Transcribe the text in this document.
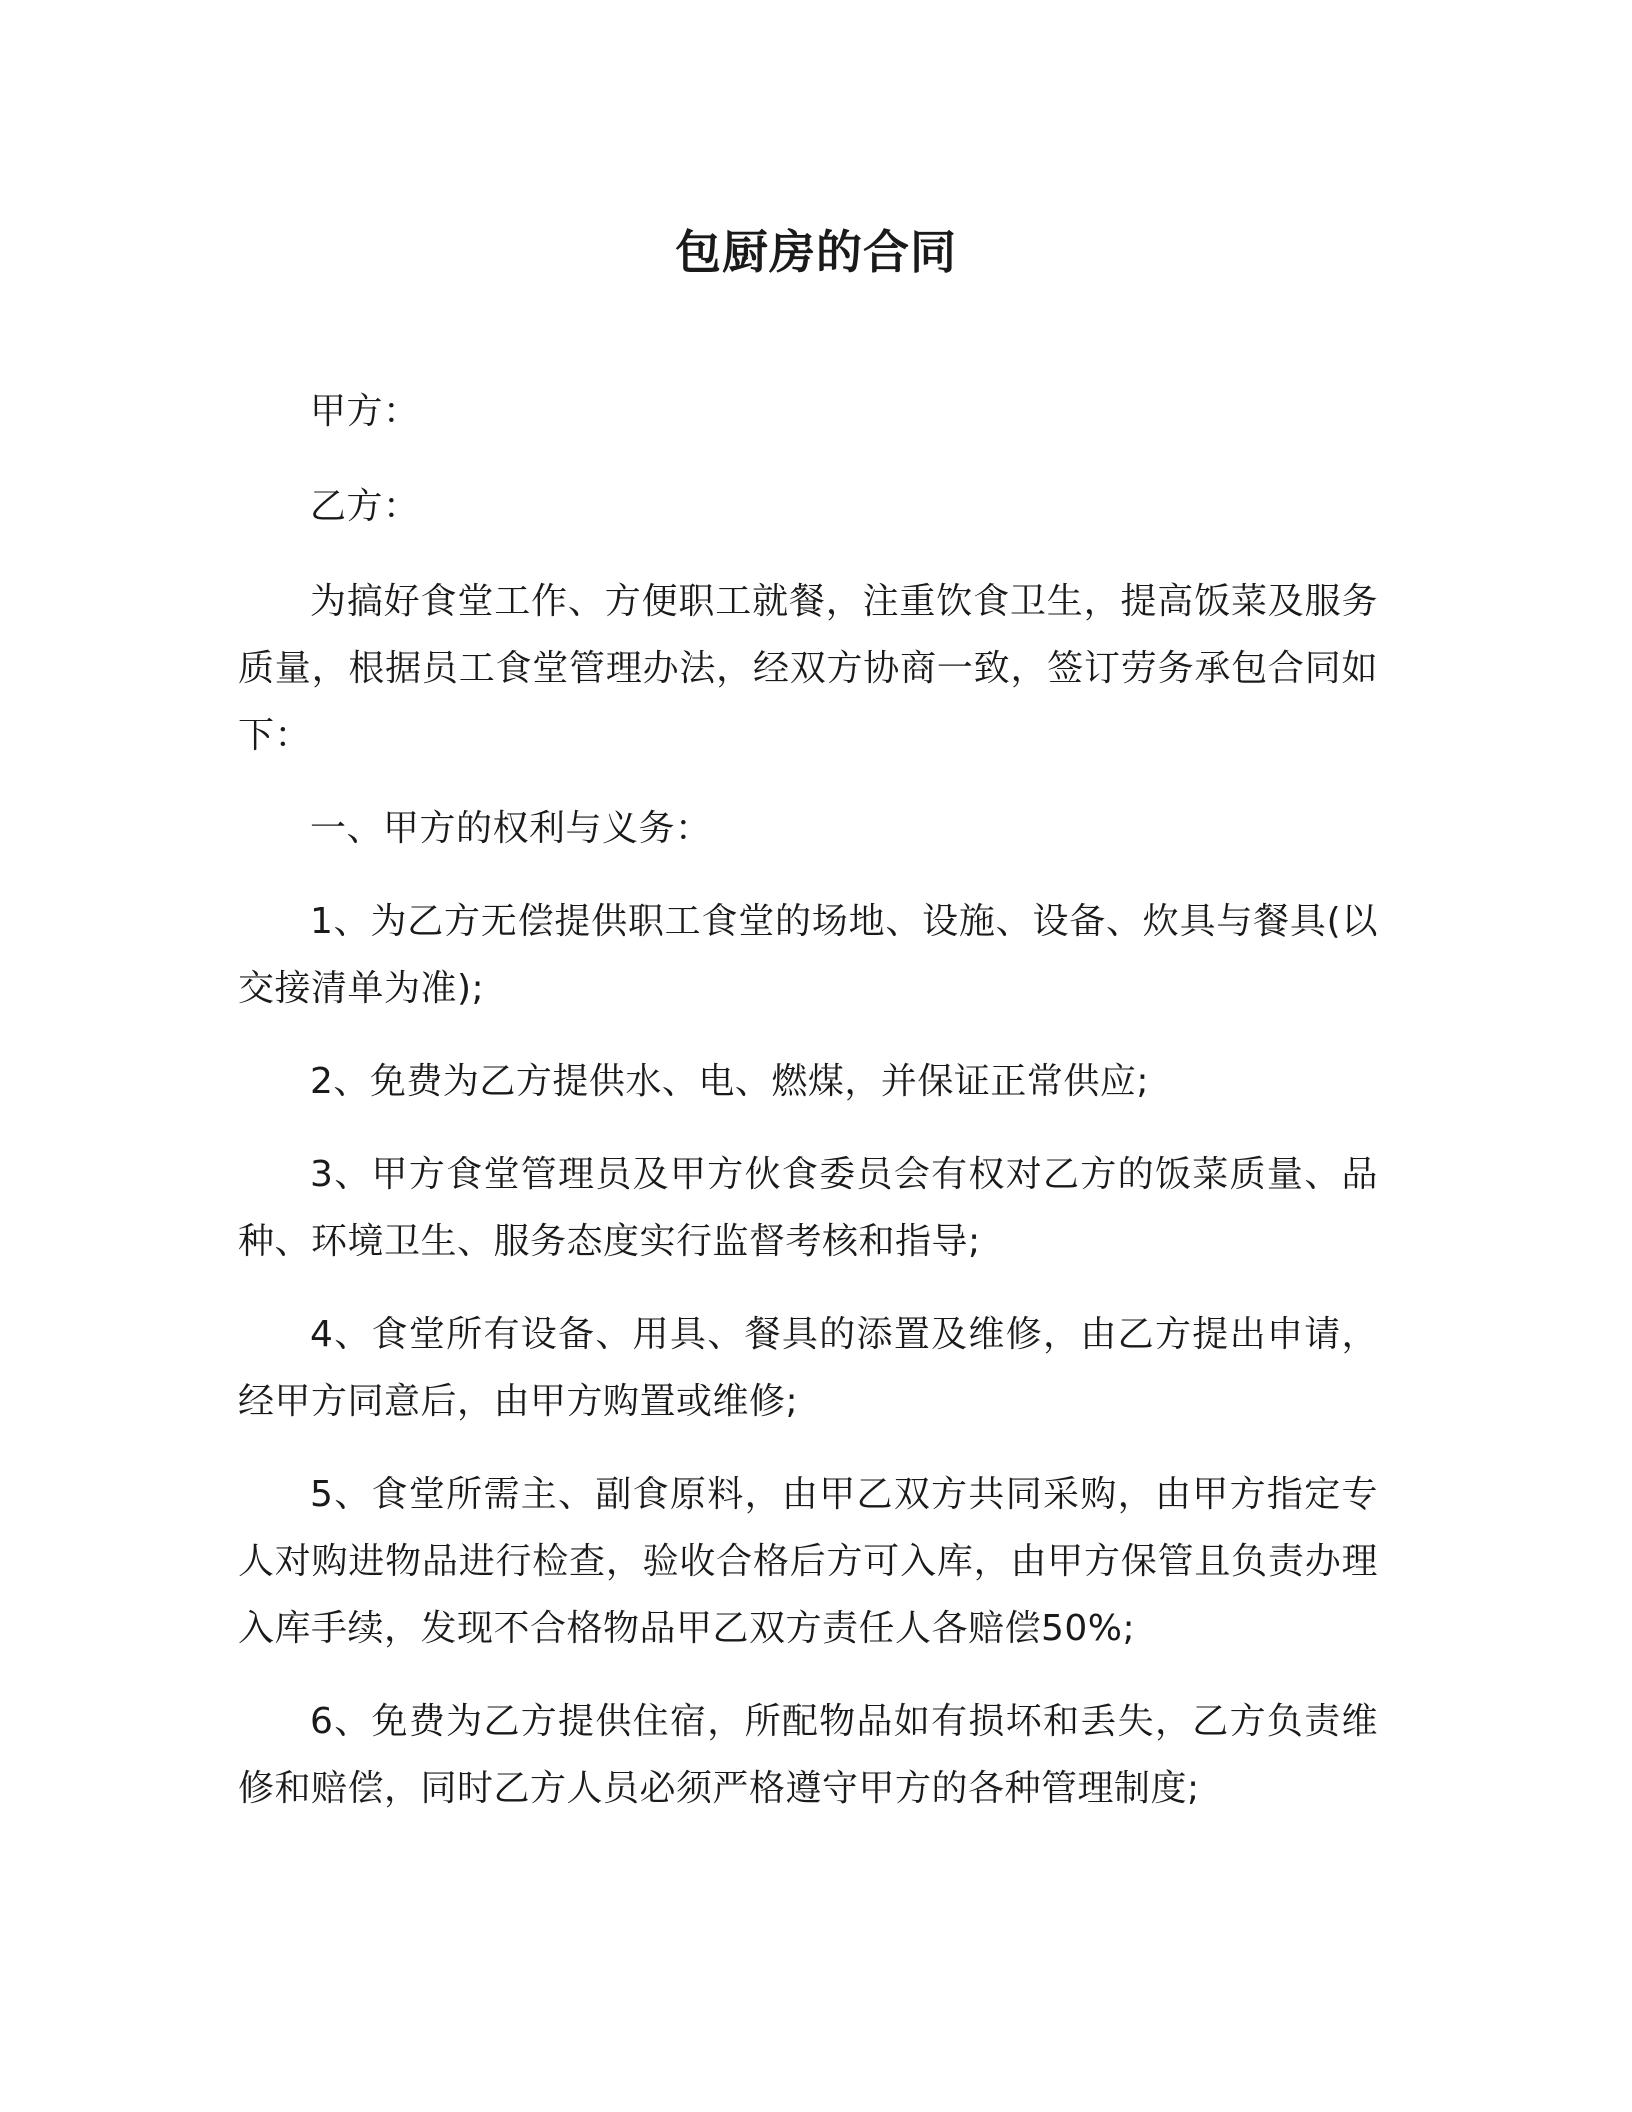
包厨房的合同

甲方：

乙方：

为搞好食堂工作、方便职工就餐，注重饮食卫生，提高饭菜及服务质量，根据员工食堂管理办法，经双方协商一致，签订劳务承包合同如下：

一、甲方的权利与义务：

1、为乙方无偿提供职工食堂的场地、设施、设备、炊具与餐具(以交接清单为准);

2、免费为乙方提供水、电、燃煤，并保证正常供应;

3、甲方食堂管理员及甲方伙食委员会有权对乙方的饭菜质量、品种、环境卫生、服务态度实行监督考核和指导;

4、食堂所有设备、用具、餐具的添置及维修，由乙方提出申请，经甲方同意后，由甲方购置或维修;

5、食堂所需主、副食原料，由甲乙双方共同采购，由甲方指定专人对购进物品进行检查，验收合格后方可入库，由甲方保管且负责办理入库手续，发现不合格物品甲乙双方责任人各赔偿50%;

6、免费为乙方提供住宿，所配物品如有损坏和丢失，乙方负责维修和赔偿，同时乙方人员必须严格遵守甲方的各种管理制度;
